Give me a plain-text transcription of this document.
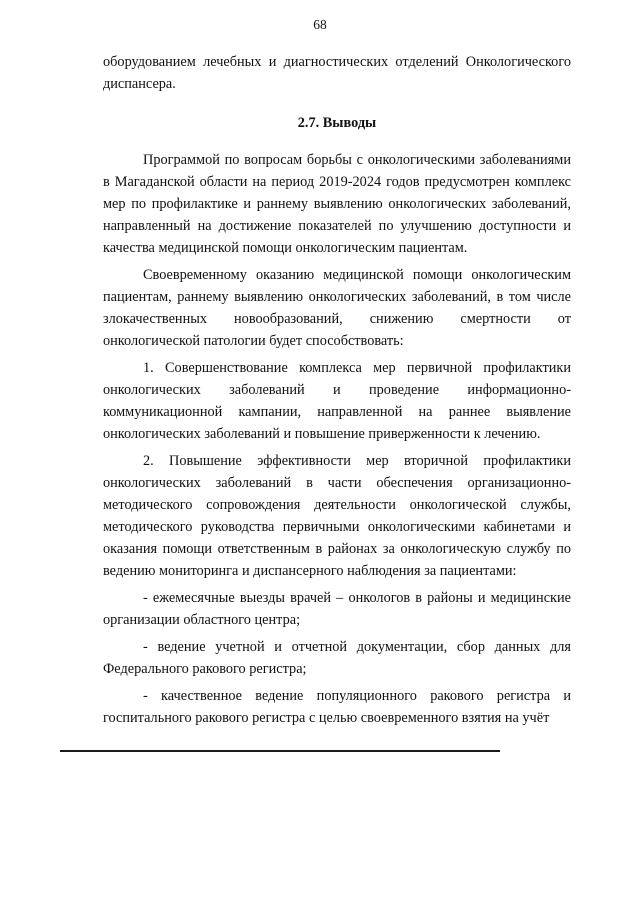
68

оборудованием лечебных и диагностических отделений Онкологического диспансера.

2.7. Выводы

Программой по вопросам борьбы с онкологическими заболеваниями в Магаданской области на период 2019-2024 годов предусмотрен комплекс мер по профилактике и раннему выявлению онкологических заболеваний, направленный на достижение показателей по улучшению доступности и качества медицинской помощи онкологическим пациентам.

Своевременному оказанию медицинской помощи онкологическим пациентам, раннему выявлению онкологических заболеваний, в том числе злокачественных новообразований, снижению смертности от онкологической патологии будет способствовать:

1. Совершенствование комплекса мер первичной профилактики онкологических заболеваний и проведение информационно-коммуникационной кампании, направленной на раннее выявление онкологических заболеваний и повышение приверженности к лечению.

2. Повышение эффективности мер вторичной профилактики онкологических заболеваний в части обеспечения организационно-методического сопровождения деятельности онкологической службы, методического руководства первичными онкологическими кабинетами и оказания помощи ответственным в районах за онкологическую службу по ведению мониторинга и диспансерного наблюдения за пациентами:

- ежемесячные выезды врачей – онкологов в районы и медицинские организации областного центра;

- ведение учетной и отчетной документации, сбор данных для Федерального ракового регистра;

- качественное ведение популяционного ракового регистра и госпитального ракового регистра с целью своевременного взятия на учёт
